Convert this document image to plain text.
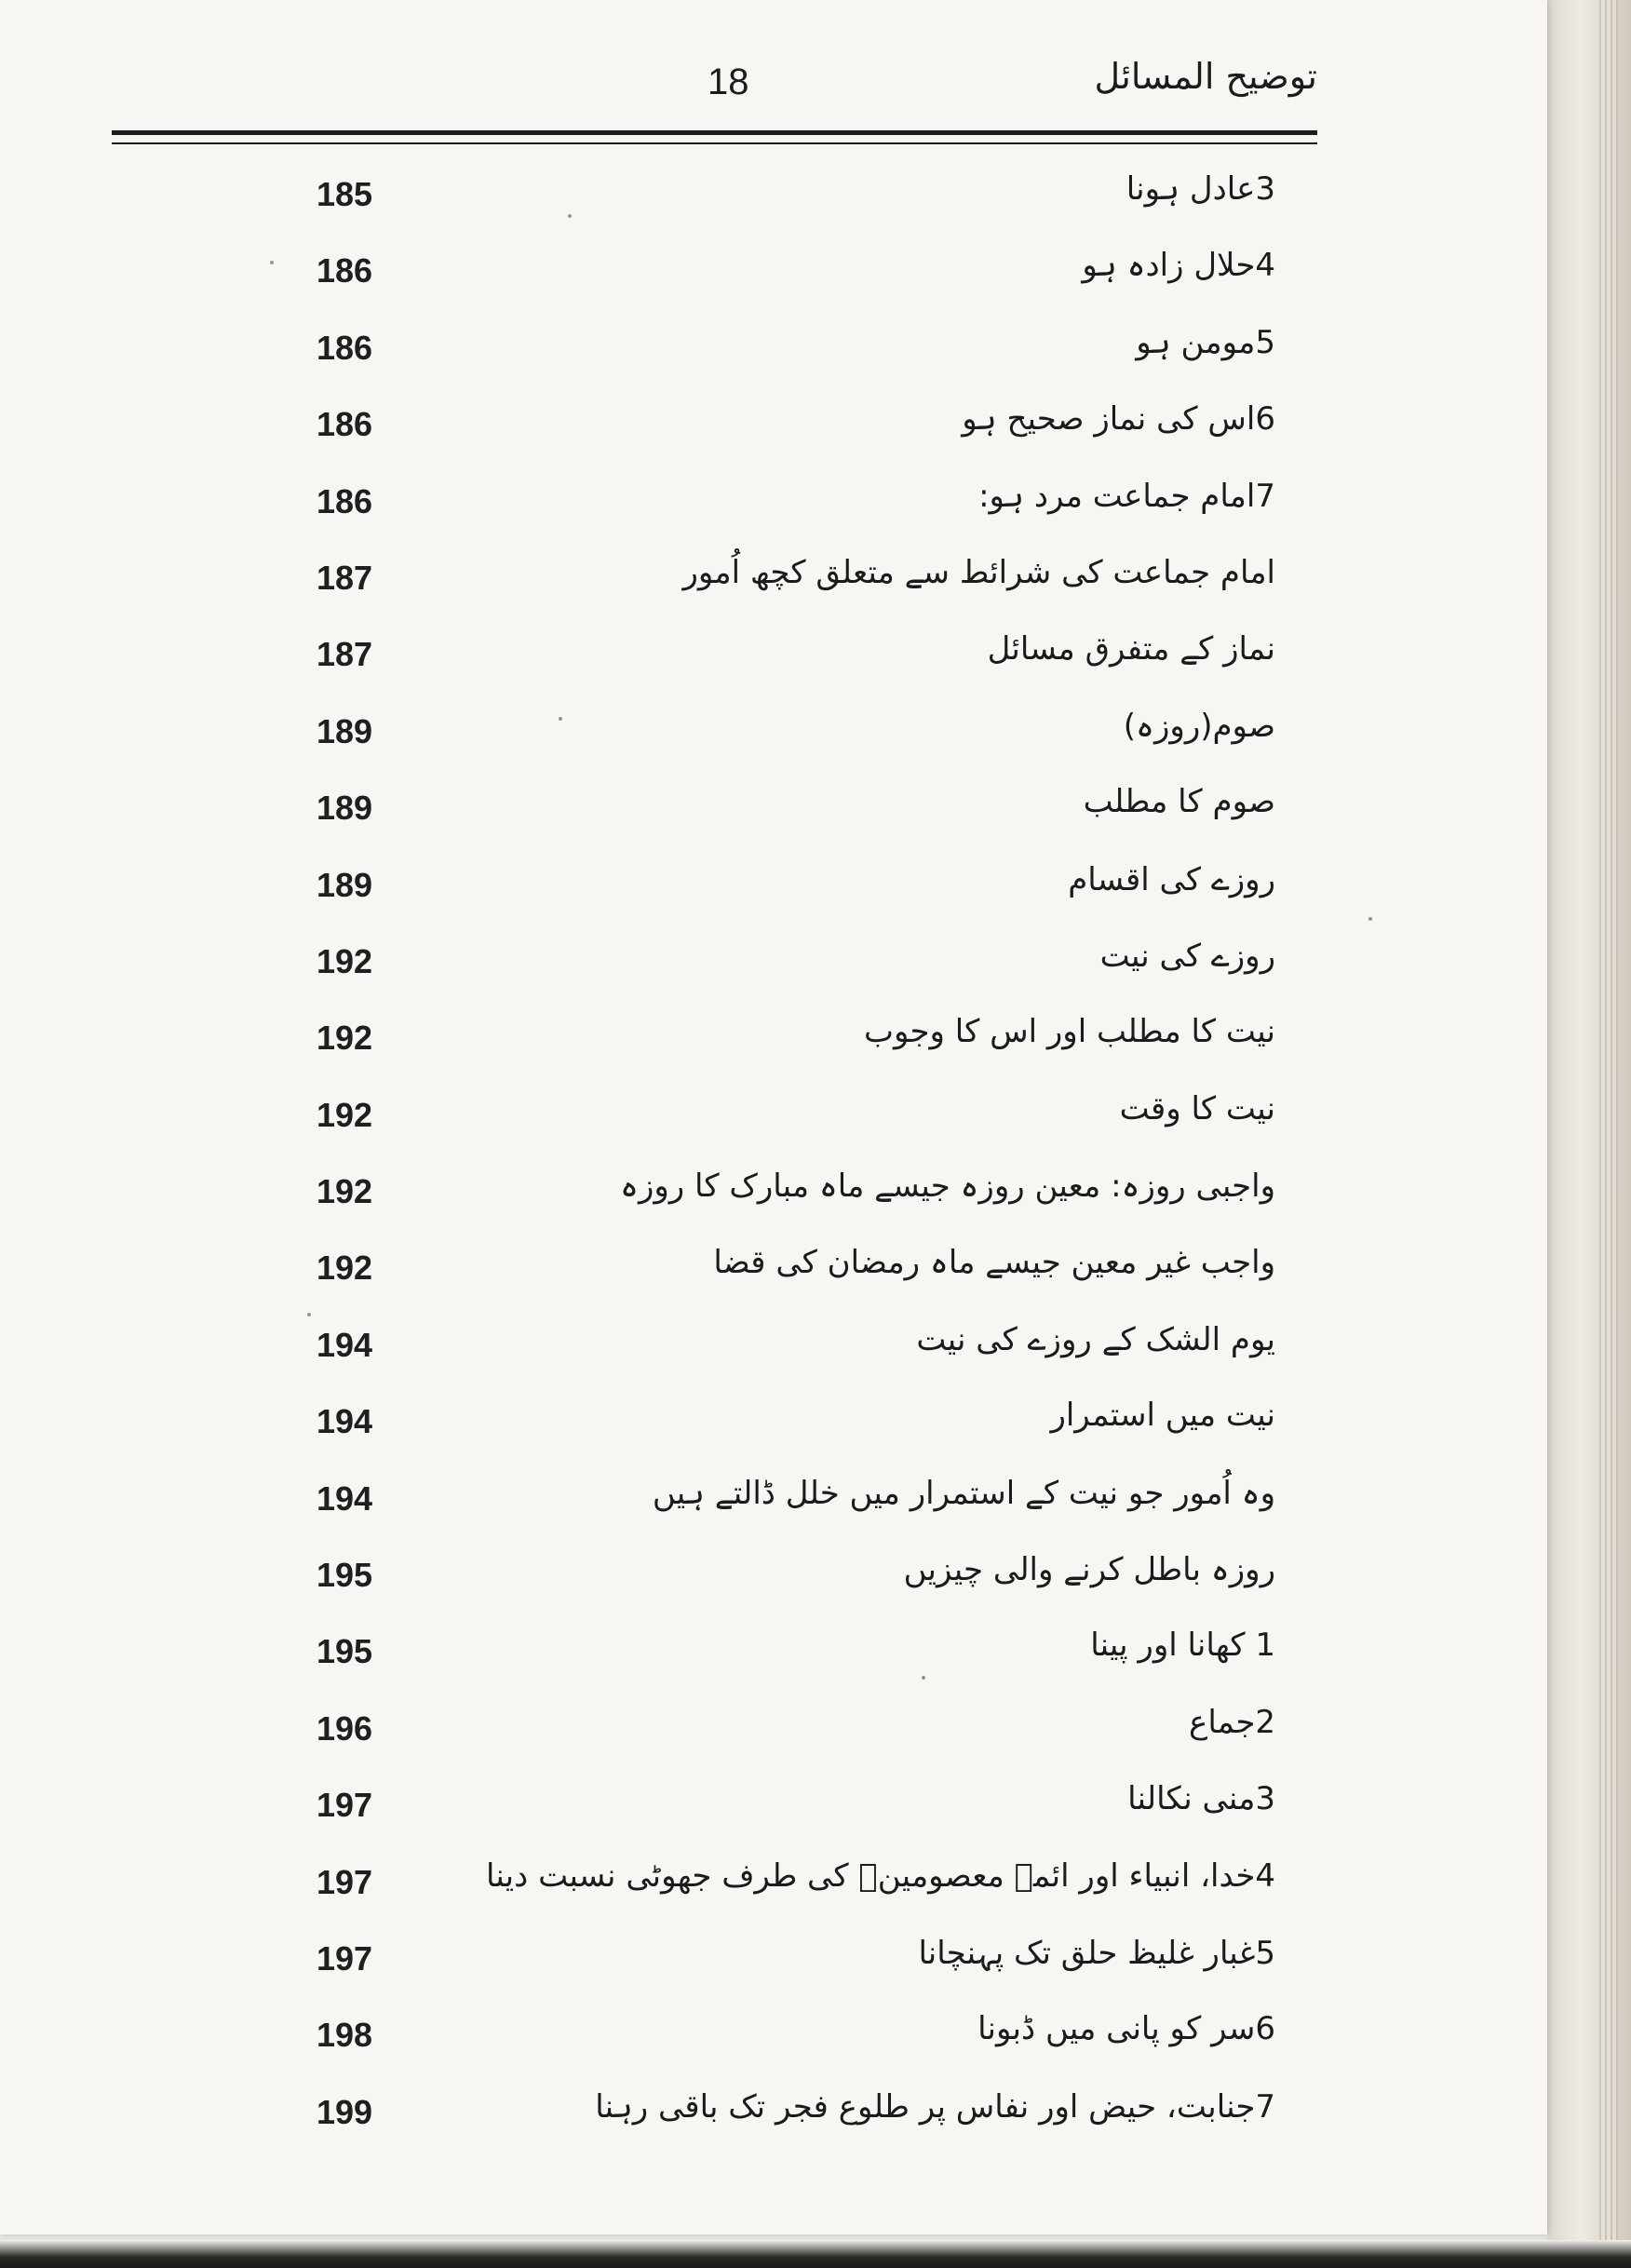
18	توضیح المسائل
185	3عادل ہونا
186	4حلال زادہ ہو
186	5مومن ہو
186	6اس کی نماز صحیح ہو
186	7امام جماعت مرد ہو:
187	امام جماعت کی شرائط سے متعلق کچھ اُمور
187	نماز کے متفرق مسائل
189	صوم(روزہ)
189	صوم کا مطلب
189	روزے کی اقسام
192	روزے کی نیت
192	نیت کا مطلب اور اس کا وجوب
192	نیت کا وقت
192	واجبی روزہ: معین روزہ جیسے ماہ مبارک کا روزہ
192	واجب غیر معین جیسے ماہ رمضان کی قضا
194	یوم الشک کے روزے کی نیت
194	نیت میں استمرار
194	وہ اُمور جو نیت کے استمرار میں خلل ڈالتے ہیں
195	روزہ باطل کرنے والی چیزیں
195	1 کھانا اور پینا
196	2جماع
197	3منی نکالنا
197	4خدا، انبیاء اور ائمہ معصومینؑ کی طرف جھوٹی نسبت دینا
197	5غبار غلیظ حلق تک پہنچانا
198	6سر کو پانی میں ڈبونا
199	7جنابت، حیض اور نفاس پر طلوع فجر تک باقی رہنا
